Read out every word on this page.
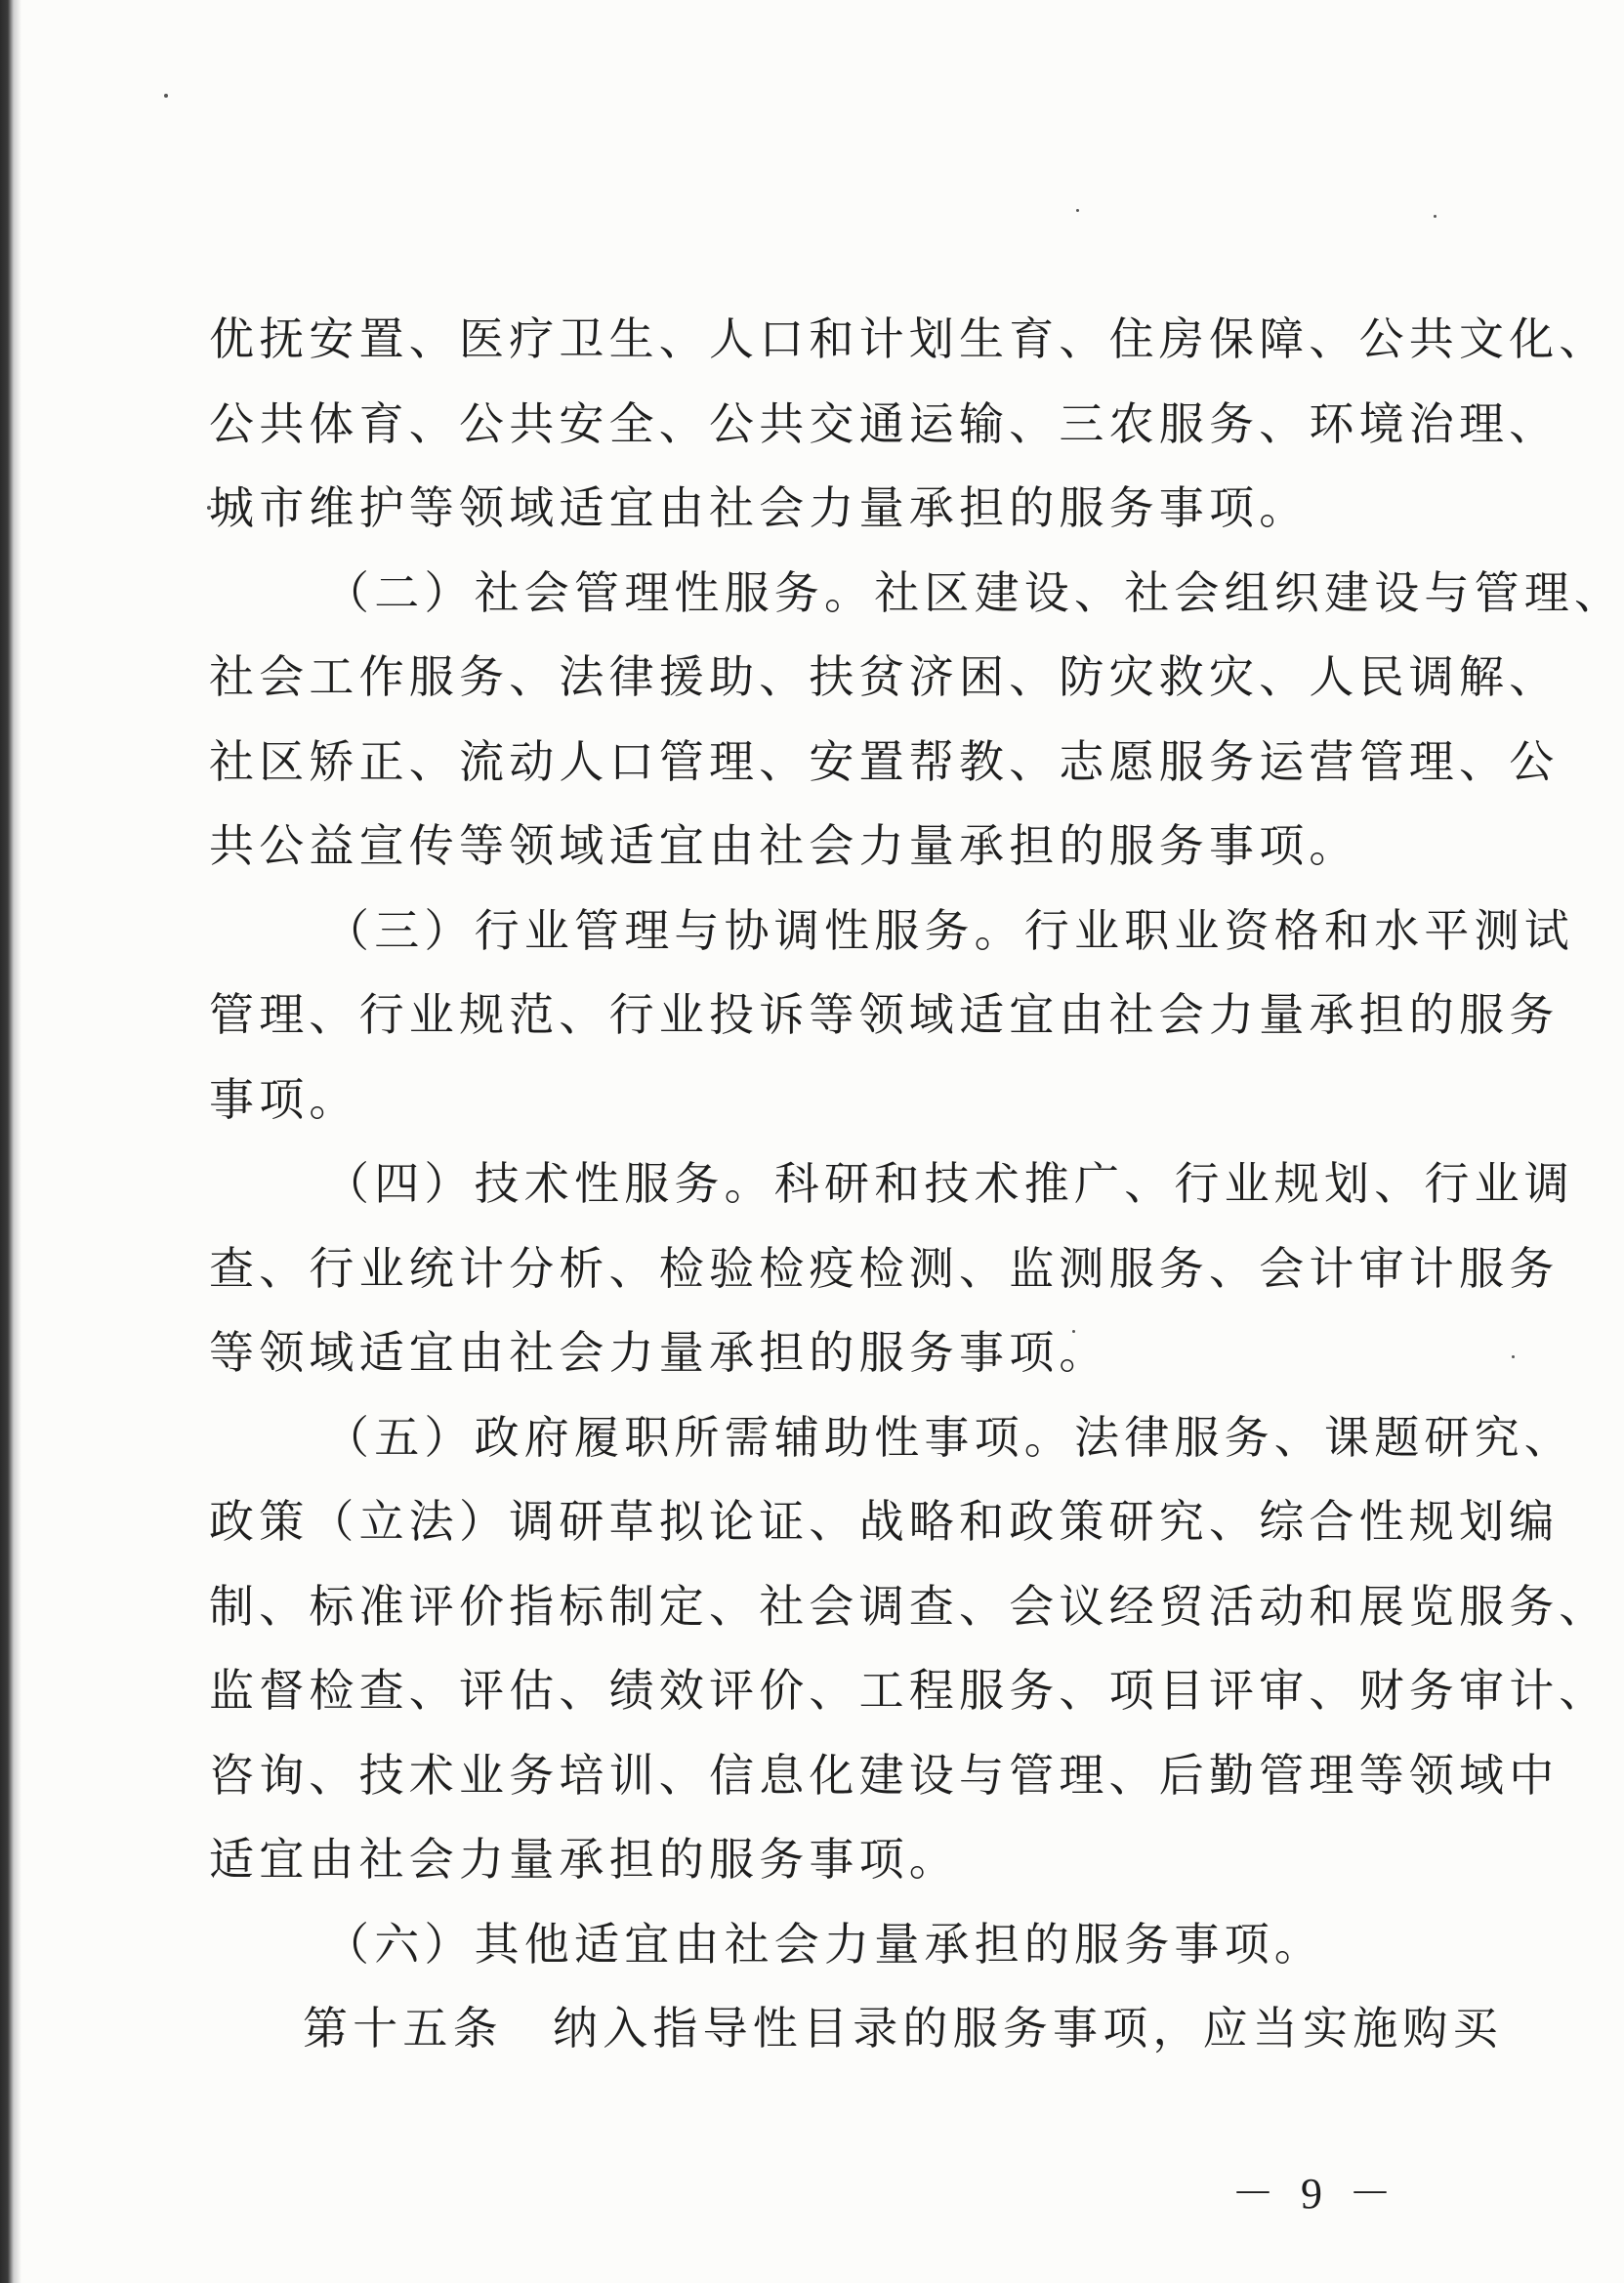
优抚安置、医疗卫生、人口和计划生育、住房保障、公共文化、
公共体育、公共安全、公共交通运输、三农服务、环境治理、
城市维护等领域适宜由社会力量承担的服务事项。
（二）社会管理性服务。社区建设、社会组织建设与管理、
社会工作服务、法律援助、扶贫济困、防灾救灾、人民调解、
社区矫正、流动人口管理、安置帮教、志愿服务运营管理、公
共公益宣传等领域适宜由社会力量承担的服务事项。
（三）行业管理与协调性服务。行业职业资格和水平测试
管理、行业规范、行业投诉等领域适宜由社会力量承担的服务
事项。
（四）技术性服务。科研和技术推广、行业规划、行业调
查、行业统计分析、检验检疫检测、监测服务、会计审计服务
等领域适宜由社会力量承担的服务事项。
（五）政府履职所需辅助性事项。法律服务、课题研究、
政策（立法）调研草拟论证、战略和政策研究、综合性规划编
制、标准评价指标制定、社会调查、会议经贸活动和展览服务、
监督检查、评估、绩效评价、工程服务、项目评审、财务审计、
咨询、技术业务培训、信息化建设与管理、后勤管理等领域中
适宜由社会力量承担的服务事项。
（六）其他适宜由社会力量承担的服务事项。
第十五条　纳入指导性目录的服务事项，应当实施购买
－ 9 －
